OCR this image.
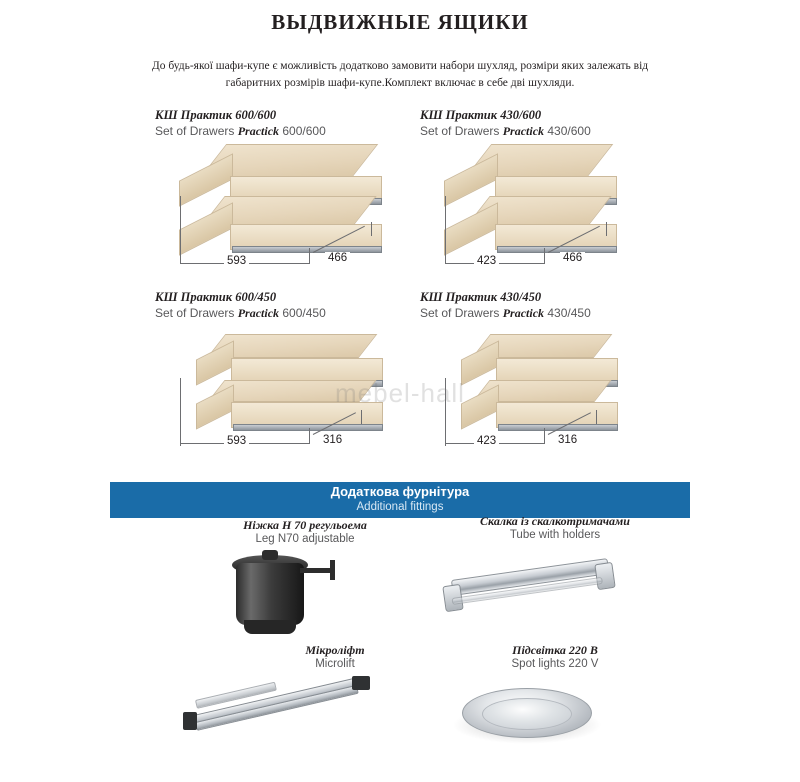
ВЫДВИЖНЫЕ ЯЩИКИ
До будь-якої шафи-купе є можливість додатково замовити набори шухляд, розміри яких залежать від габаритних розмірів шафи-купе.Комплект включає в себе дві шухляди.
КШ Практик 600/600
Set of Drawers Practick 600/600
593	466
КШ Практик 430/600
Set of Drawers Practick 430/600
423	466
КШ Практик 600/450
Set of Drawers Practick 600/450
593	316
КШ Практик 430/450
Set of Drawers Practick 430/450
423	316
mebel-hall
Додаткова фурнітура
Additional fittings
Ніжка Н 70 регульоема
Leg N70 adjustable
Скалка із скалкотримачами
Tube with holders
Мікроліфт
Microlift
Підсвітка 220 В
Spot lights 220 V
